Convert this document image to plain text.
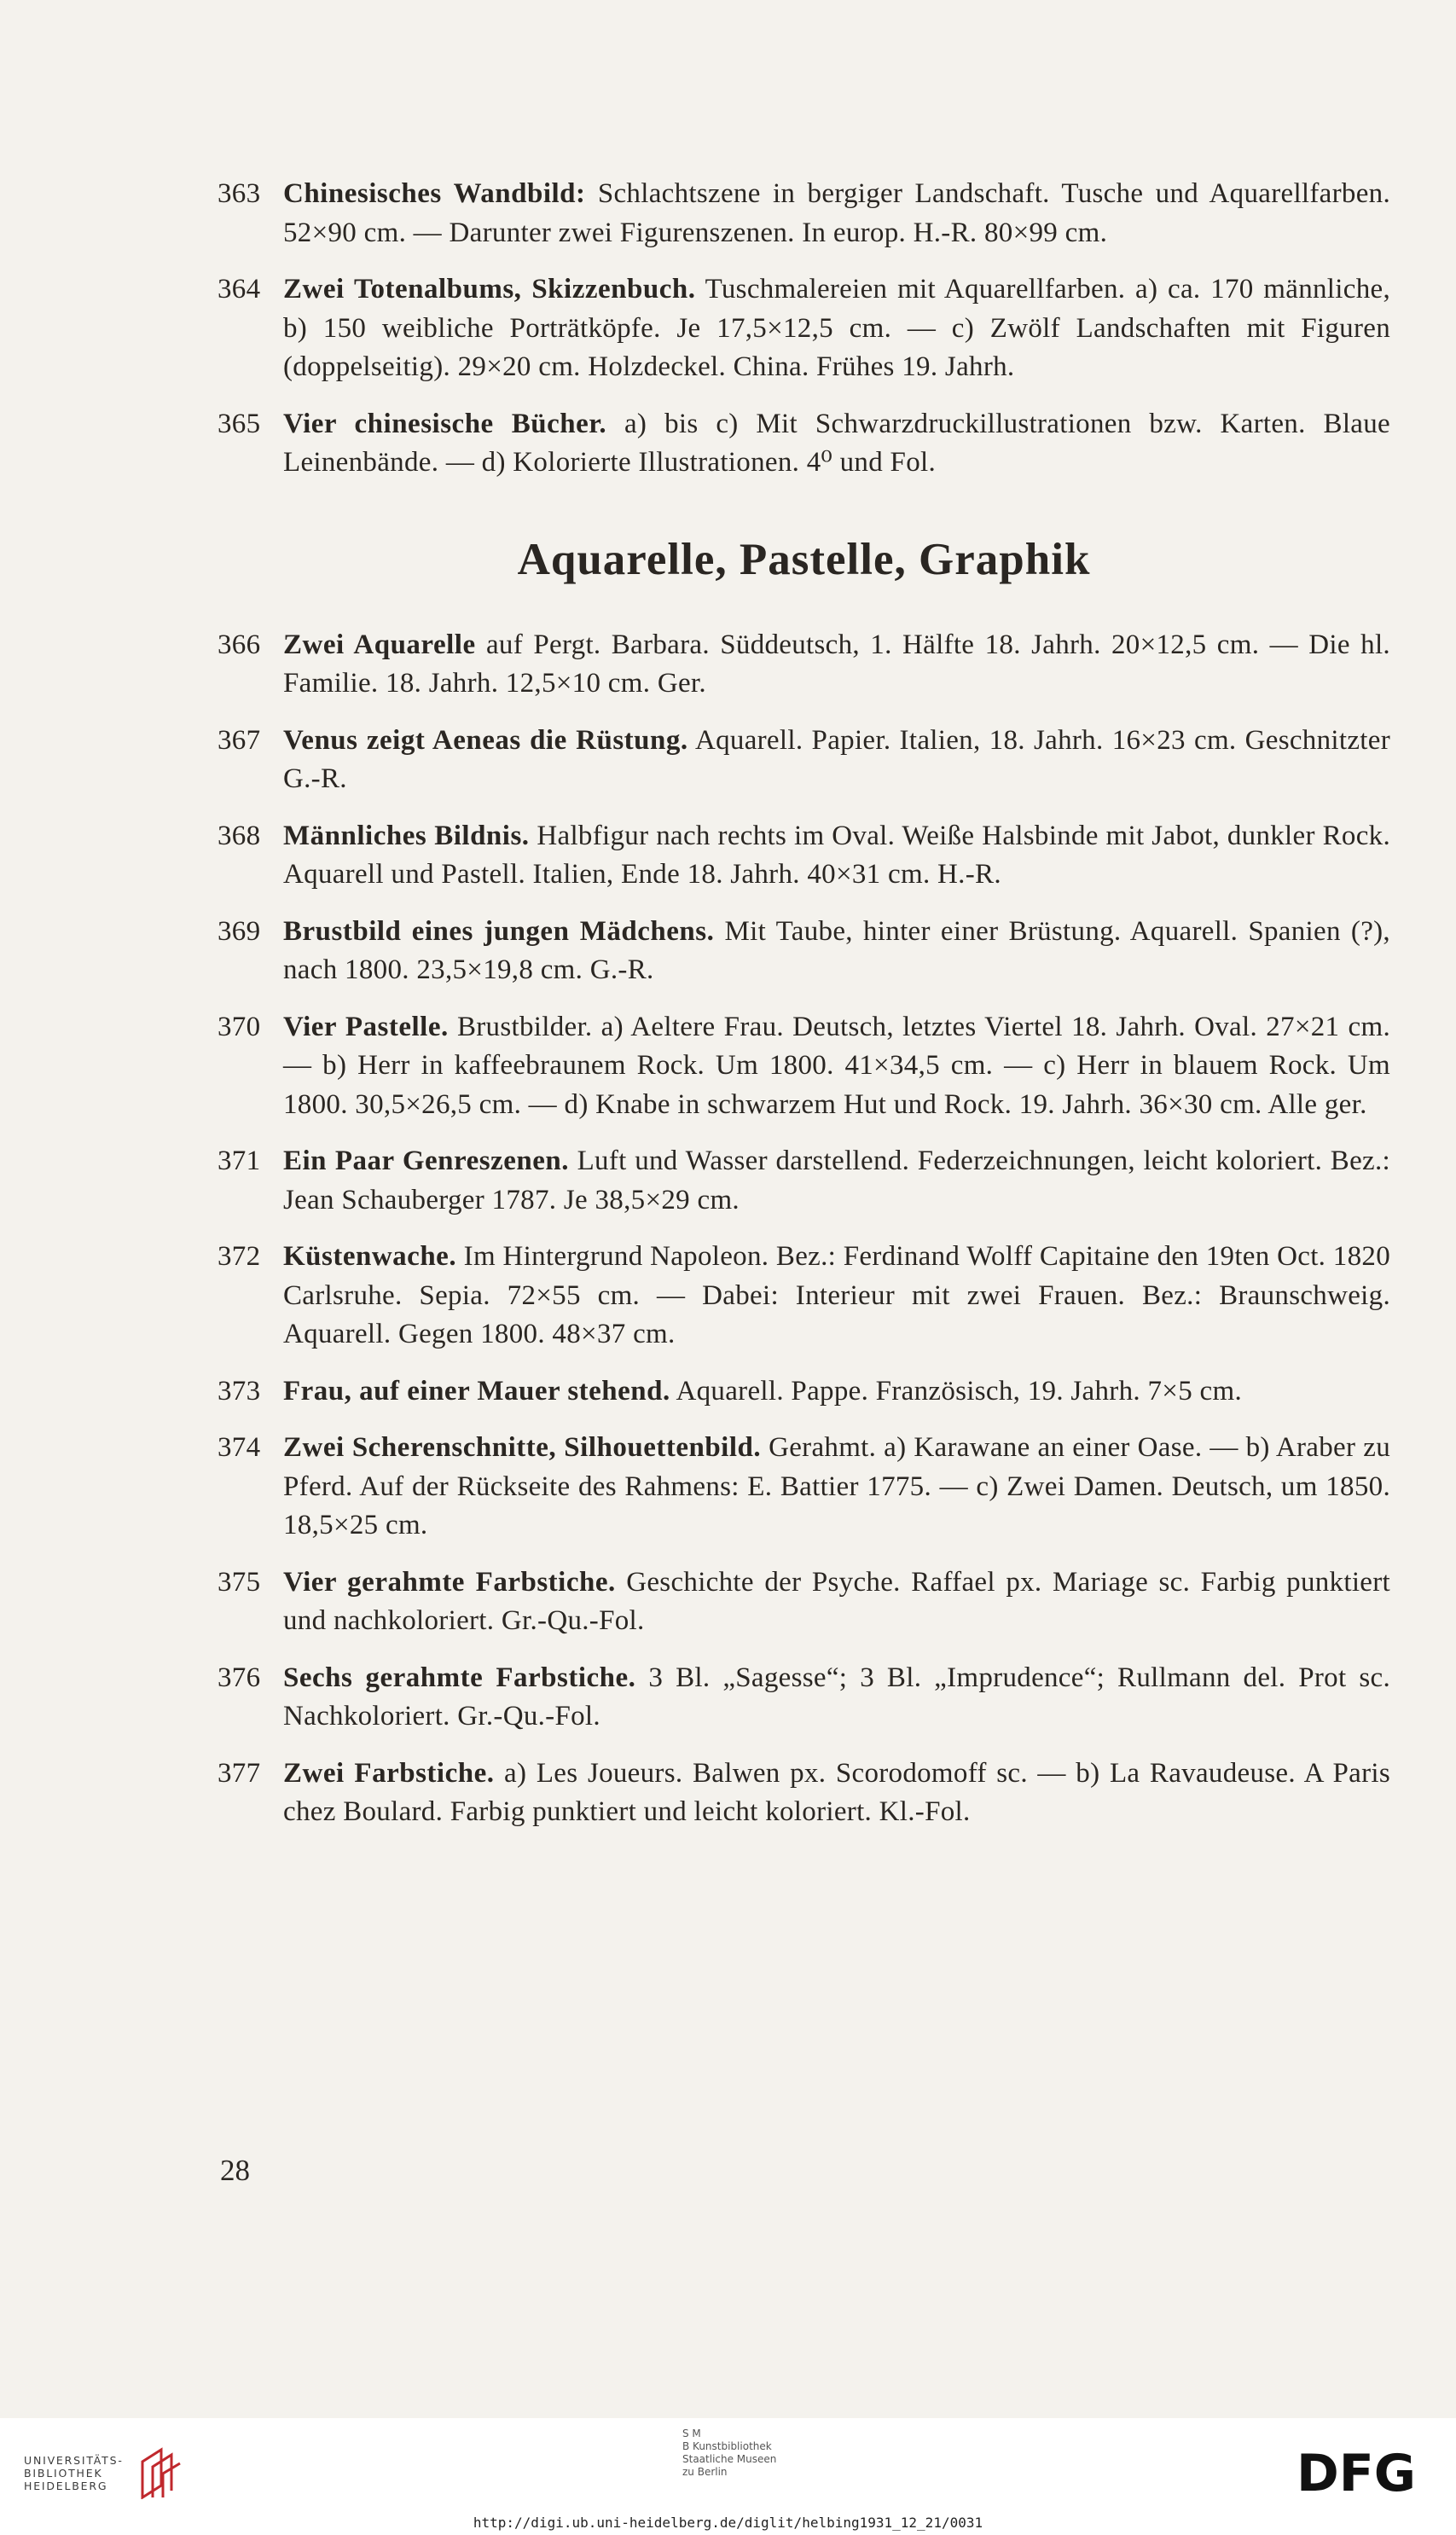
363 Chinesisches Wandbild: Schlachtszene in bergiger Landschaft. Tusche und Aquarellfarben. 52×90 cm. — Darunter zwei Figurenszenen. In europ. H.-R. 80×99 cm.
364 Zwei Totenalbums, Skizzenbuch. Tuschmalereien mit Aquarellfarben. a) ca. 170 männliche, b) 150 weibliche Porträtköpfe. Je 17,5×12,5 cm. — c) Zwölf Landschaften mit Figuren (doppelseitig). 29×20 cm. Holzdeckel. China. Frühes 19. Jahrh.
365 Vier chinesische Bücher. a) bis c) Mit Schwarzdruckillustrationen bzw. Karten. Blaue Leinenbände. — d) Kolorierte Illustrationen. 4⁰ und Fol.
Aquarelle, Pastelle, Graphik
366 Zwei Aquarelle auf Pergt. Barbara. Süddeutsch, 1. Hälfte 18. Jahrh. 20×12,5 cm. — Die hl. Familie. 18. Jahrh. 12,5×10 cm. Ger.
367 Venus zeigt Aeneas die Rüstung. Aquarell. Papier. Italien, 18. Jahrh. 16×23 cm. Geschnitzter G.-R.
368 Männliches Bildnis. Halbfigur nach rechts im Oval. Weiße Halsbinde mit Jabot, dunkler Rock. Aquarell und Pastell. Italien, Ende 18. Jahrh. 40×31 cm. H.-R.
369 Brustbild eines jungen Mädchens. Mit Taube, hinter einer Brüstung. Aquarell. Spanien (?), nach 1800. 23,5×19,8 cm. G.-R.
370 Vier Pastelle. Brustbilder. a) Aeltere Frau. Deutsch, letztes Viertel 18. Jahrh. Oval. 27×21 cm. — b) Herr in kaffeebraunem Rock. Um 1800. 41×34,5 cm. — c) Herr in blauem Rock. Um 1800. 30,5×26,5 cm. — d) Knabe in schwarzem Hut und Rock. 19. Jahrh. 36×30 cm. Alle ger.
371 Ein Paar Genreszenen. Luft und Wasser darstellend. Federzeichnungen, leicht koloriert. Bez.: Jean Schauberger 1787. Je 38,5×29 cm.
372 Küstenwache. Im Hintergrund Napoleon. Bez.: Ferdinand Wolff Capitaine den 19ten Oct. 1820 Carlsruhe. Sepia. 72×55 cm. — Dabei: Interieur mit zwei Frauen. Bez.: Braunschweig. Aquarell. Gegen 1800. 48×37 cm.
373 Frau, auf einer Mauer stehend. Aquarell. Pappe. Französisch, 19. Jahrh. 7×5 cm.
374 Zwei Scherenschnitte, Silhouettenbild. Gerahmt. a) Karawane an einer Oase. — b) Araber zu Pferd. Auf der Rückseite des Rahmens: E. Battier 1775. — c) Zwei Damen. Deutsch, um 1850. 18,5×25 cm.
375 Vier gerahmte Farbstiche. Geschichte der Psyche. Raffael px. Mariage sc. Farbig punktiert und nachkoloriert. Gr.-Qu.-Fol.
376 Sechs gerahmte Farbstiche. 3 Bl. „Sagesse“; 3 Bl. „Imprudence“; Rullmann del. Prot sc. Nachkoloriert. Gr.-Qu.-Fol.
377 Zwei Farbstiche. a) Les Joueurs. Balwen px. Scorodomoff sc. — b) La Ravaudeuse. A Paris chez Boulard. Farbig punktiert und leicht koloriert. Kl.-Fol.
28
UNIVERSITÄTS-
BIBLIOTHEK
HEIDELBERG
S M
B Kunstbibliothek
Staatliche Museen
zu Berlin	DFG
http://digi.ub.uni-heidelberg.de/diglit/helbing1931_12_21/0031
